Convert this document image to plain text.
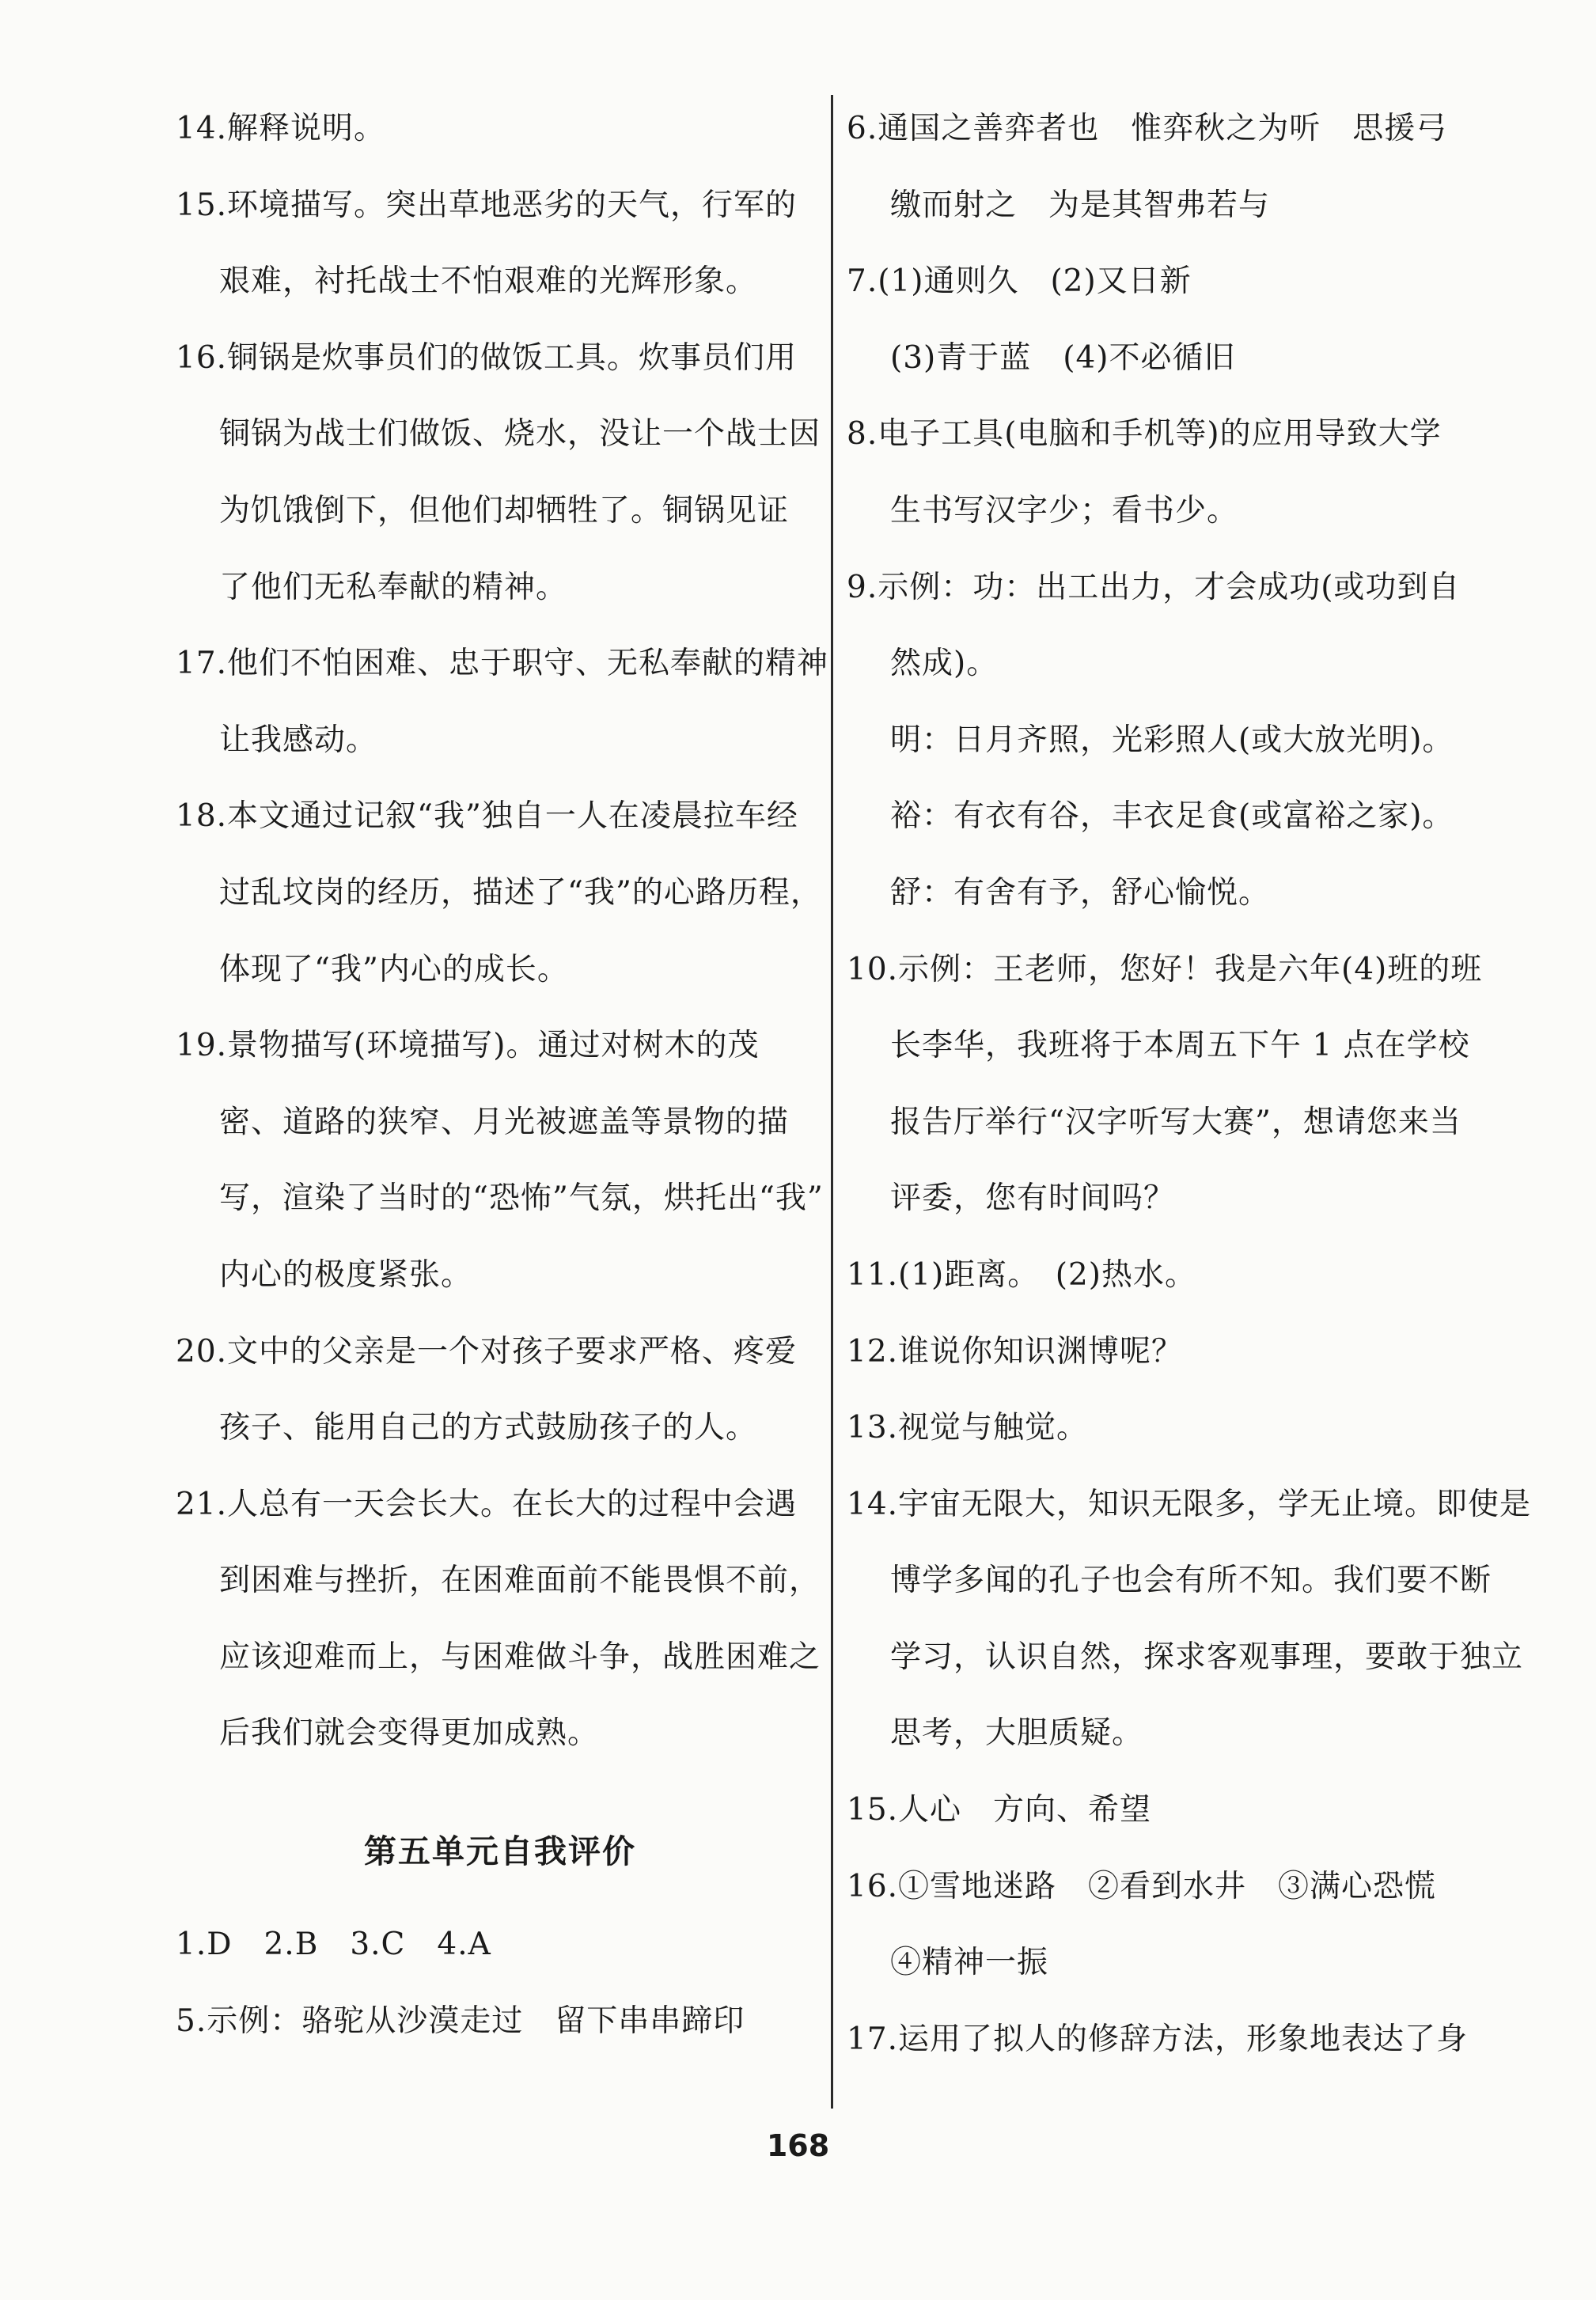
14.解释说明。
15.环境描写。突出草地恶劣的天气，行军的
艰难，衬托战士不怕艰难的光辉形象。
16.铜锅是炊事员们的做饭工具。炊事员们用
铜锅为战士们做饭、烧水，没让一个战士因
为饥饿倒下，但他们却牺牲了。铜锅见证
了他们无私奉献的精神。
17.他们不怕困难、忠于职守、无私奉献的精神
让我感动。
18.本文通过记叙“我”独自一人在凌晨拉车经
过乱坟岗的经历，描述了“我”的心路历程，
体现了“我”内心的成长。
19.景物描写(环境描写)。通过对树木的茂
密、道路的狭窄、月光被遮盖等景物的描
写，渲染了当时的“恐怖”气氛，烘托出“我”
内心的极度紧张。
20.文中的父亲是一个对孩子要求严格、疼爱
孩子、能用自己的方式鼓励孩子的人。
21.人总有一天会长大。在长大的过程中会遇
到困难与挫折，在困难面前不能畏惧不前，
应该迎难而上，与困难做斗争，战胜困难之
后我们就会变得更加成熟。
第五单元自我评价
1.D　2.B　3.C　4.A
5.示例：骆驼从沙漠走过　留下串串蹄印
6.通国之善弈者也　惟弈秋之为听　思援弓
缴而射之　为是其智弗若与
7.(1)通则久　(2)又日新
(3)青于蓝　(4)不必循旧
8.电子工具(电脑和手机等)的应用导致大学
生书写汉字少；看书少。
9.示例：功：出工出力，才会成功(或功到自
然成)。
明：日月齐照，光彩照人(或大放光明)。
裕：有衣有谷，丰衣足食(或富裕之家)。
舒：有舍有予，舒心愉悦。
10.示例：王老师，您好！我是六年(4)班的班
长李华，我班将于本周五下午 1 点在学校
报告厅举行“汉字听写大赛”，想请您来当
评委，您有时间吗？
11.(1)距离。　(2)热水。
12.谁说你知识渊博呢？
13.视觉与触觉。
14.宇宙无限大，知识无限多，学无止境。即使是
博学多闻的孔子也会有所不知。我们要不断
学习，认识自然，探求客观事理，要敢于独立
思考，大胆质疑。
15.人心　方向、希望
16.①雪地迷路　②看到水井　③满心恐慌
④精神一振
17.运用了拟人的修辞方法，形象地表达了身
168
